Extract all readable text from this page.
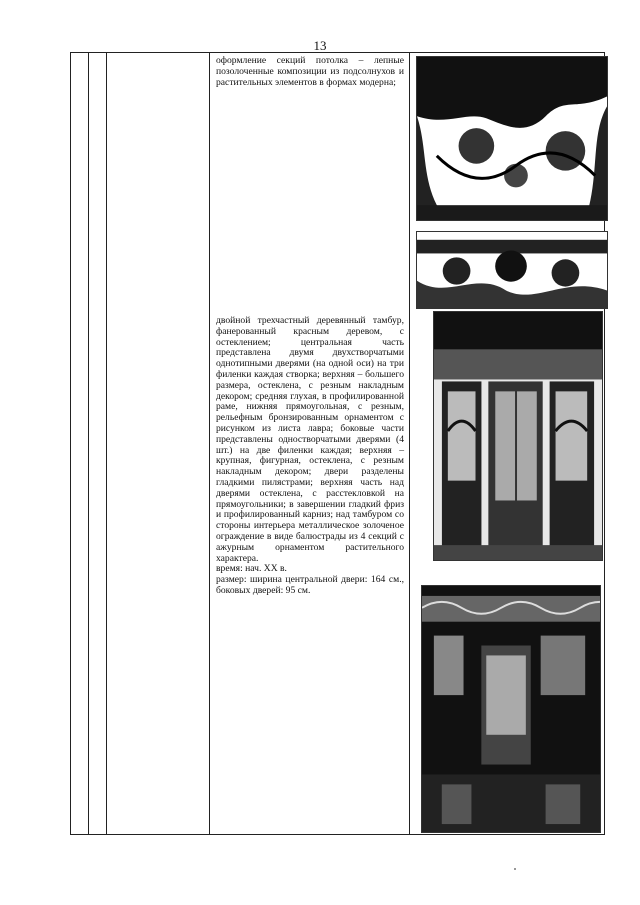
13
оформление секций потолка – лепные позолоченные композиции из подсолнухов и растительных элементов в формах модерна;
двойной трехчастный деревянный тамбур, фанерованный красным деревом, с остеклением; центральная часть представлена двумя двухстворчатыми однотипными дверями (на одной оси) на три филенки каждая створка; верхняя – большего размера, остеклена, с резным накладным декором; средняя глухая, в профилированной раме, нижняя прямоугольная, с резным, рельефным бронзированным орнаментом с рисунком из листа лавра; боковые части представлены одностворчатыми дверями (4 шт.) на две филенки каждая; верхняя – крупная, фигурная, остеклена, с резным накладным декором; двери разделены гладкими пилястрами; верхняя часть над дверями остеклена, с расстекловкой на прямоугольники; в завершении гладкий фриз и профилированный карниз; над тамбуром со стороны интерьера металлическое золоченое ограждение в виде балюстрады из 4 секций с ажурным орнаментом растительного характера.
время: нач. XX в.
размер: ширина центральной двери: 164 см., боковых дверей: 95 см.
